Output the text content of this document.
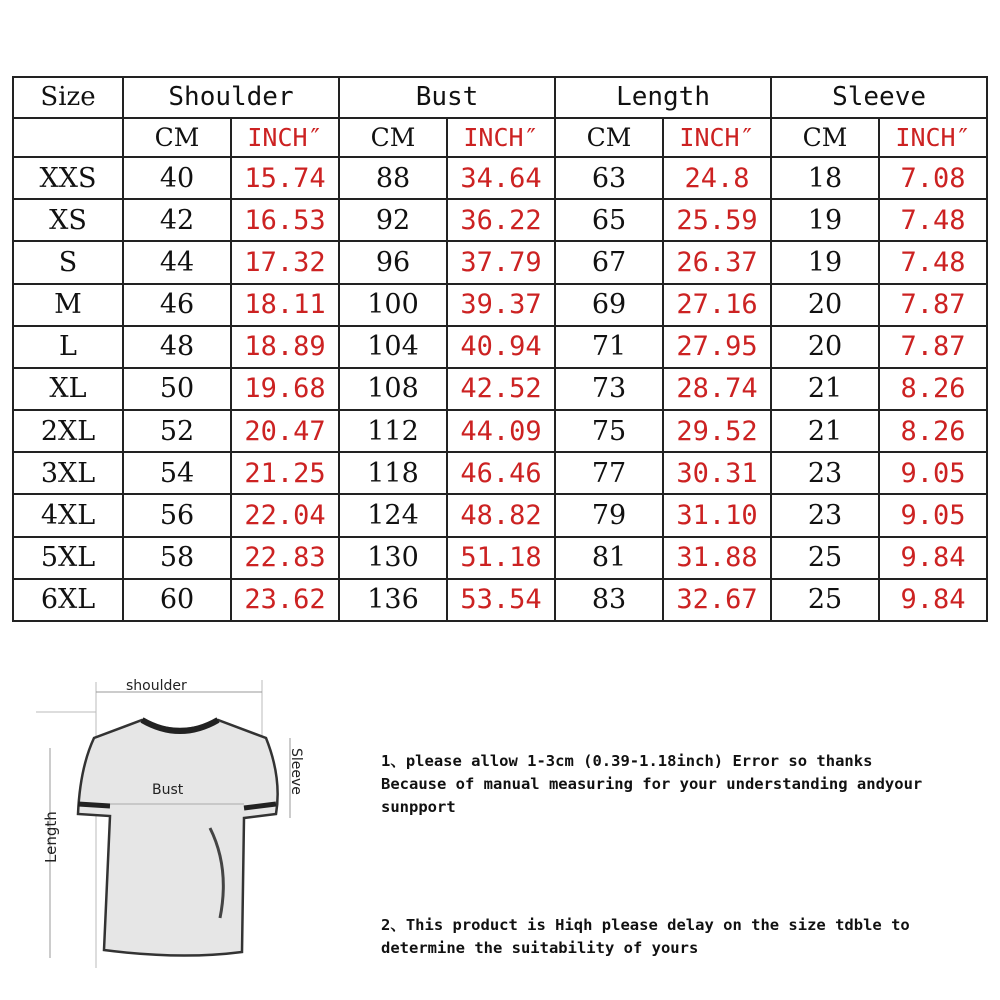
Size	Shoulder		Bust		Length		Sleeve	
	CM	INCH″	CM	INCH″	CM	INCH″	CM	INCH″
XXS	40	15.74	88	34.64	63	24.8	18	7.08
XS	42	16.53	92	36.22	65	25.59	19	7.48
S	44	17.32	96	37.79	67	26.37	19	7.48
M	46	18.11	100	39.37	69	27.16	20	7.87
L	48	18.89	104	40.94	71	27.95	20	7.87
XL	50	19.68	108	42.52	73	28.74	21	8.26
2XL	52	20.47	112	44.09	75	29.52	21	8.26
3XL	54	21.25	118	46.46	77	30.31	23	9.05
4XL	56	22.04	124	48.82	79	31.10	23	9.05
5XL	58	22.83	130	51.18	81	31.88	25	9.84
6XL	60	23.62	136	53.54	83	32.67	25	9.84
shoulder
Bust	Sleeve
Length
1、please allow 1-3cm (0.39-1.18inch) Error so thanks
Because of manual measuring for your understanding andyour
sunpport
2、This product is Hiqh please delay on the size tdble to
determine the suitability of yours
